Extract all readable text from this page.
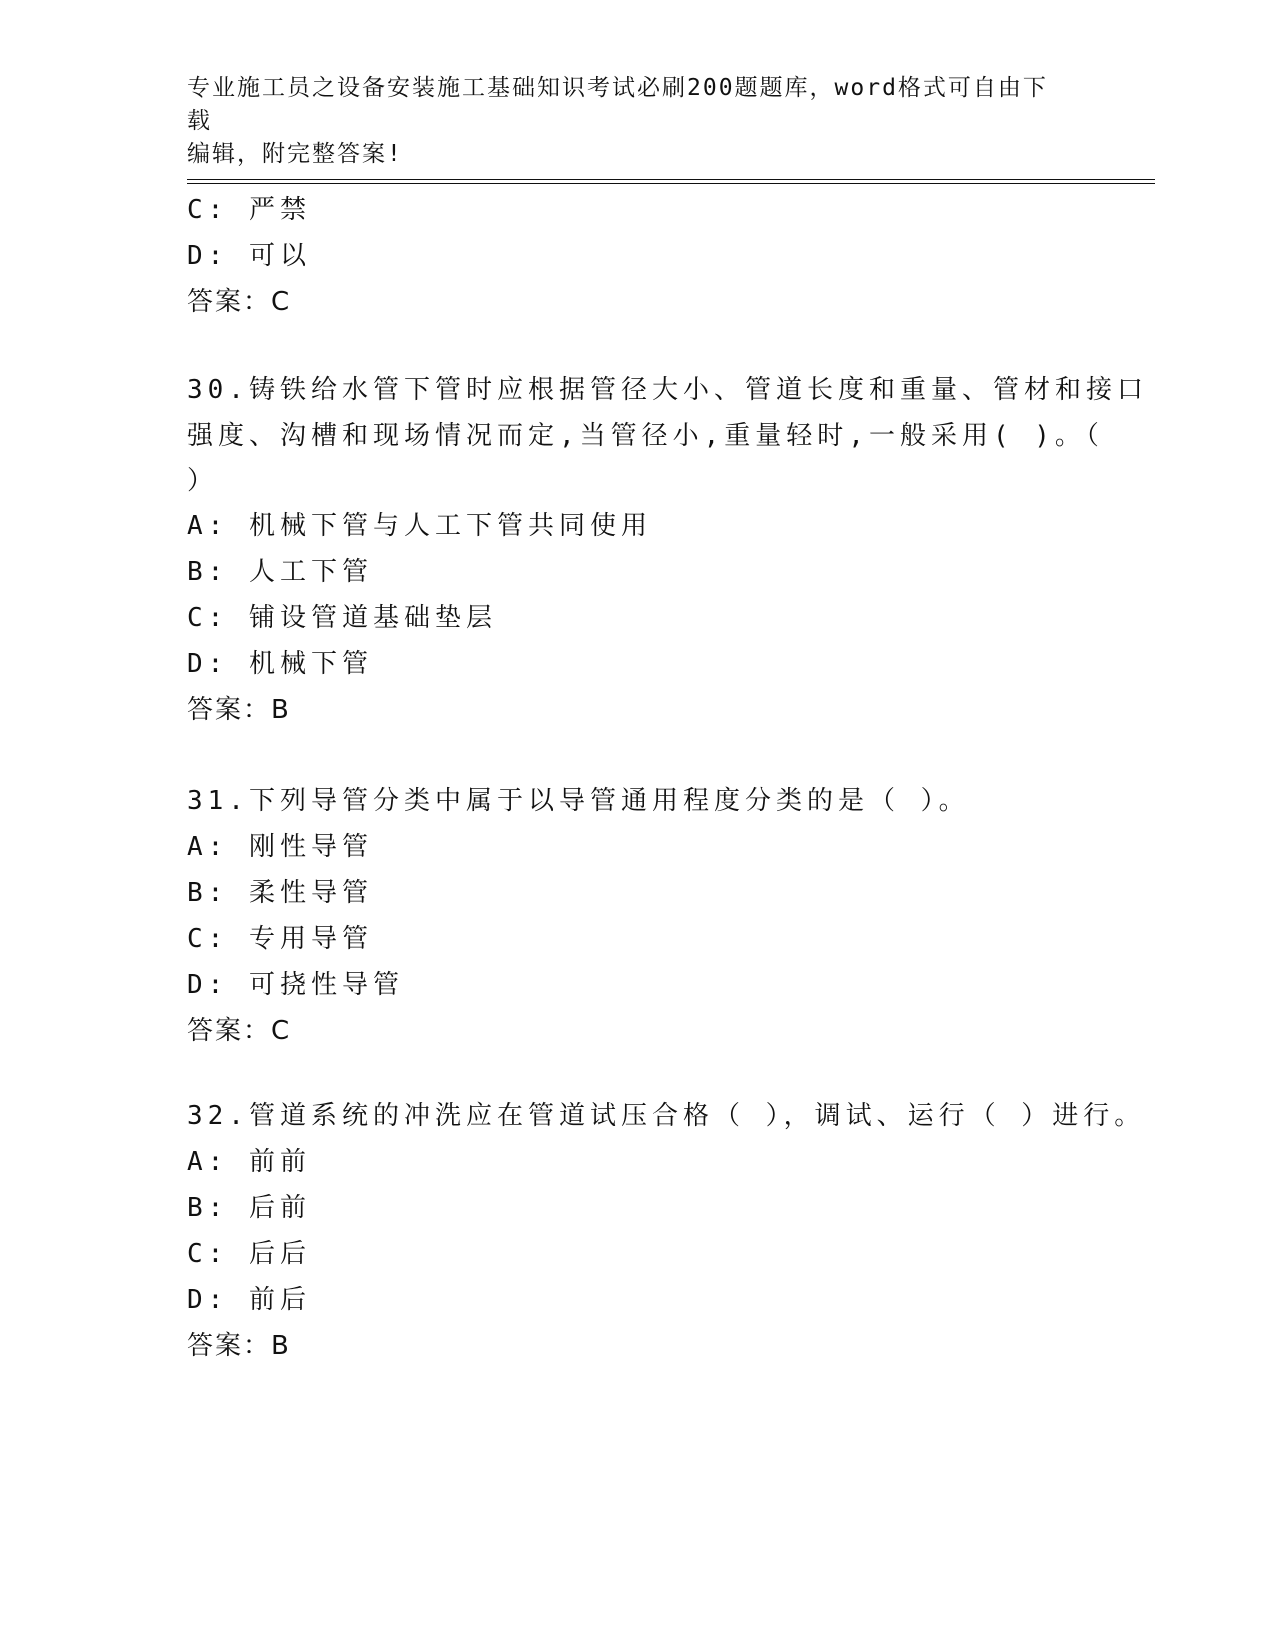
专业施工员之设备安装施工基础知识考试必刷200题题库，word格式可自由下载
编辑，附完整答案!
C: 严禁
D: 可以
答案：C
30.铸铁给水管下管时应根据管径大小、管道长度和重量、管材和接口
强度、沟槽和现场情况而定,当管径小,重量轻时,一般采用( )。（
）
A: 机械下管与人工下管共同使用
B: 人工下管
C: 铺设管道基础垫层
D: 机械下管
答案：B
31.下列导管分类中属于以导管通用程度分类的是（ ）。
A: 刚性导管
B: 柔性导管
C: 专用导管
D: 可挠性导管
答案：C
32.管道系统的冲洗应在管道试压合格（ ），调试、运行（ ）进行。
A: 前前
B: 后前
C: 后后
D: 前后
答案：B
